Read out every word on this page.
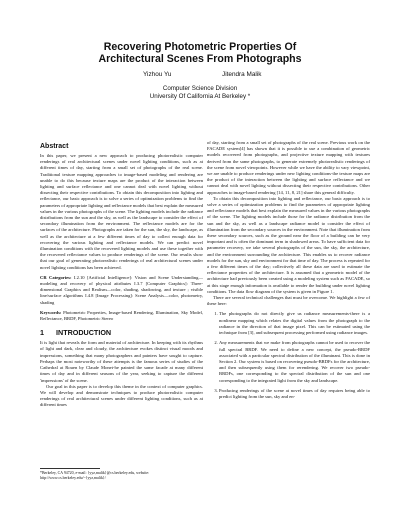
Recovering Photometric Properties Of
Architectural Scenes From Photographs
Yizhou Yu	Jitendra Malik
Computer Science Division
University Of California At Berkeley *
Abstract

In this paper, we present a new approach to producing photorealistic computer renderings of real architectural scenes under novel lighting conditions, such as at different times of day, starting from a small set of photographs of the real scene. Traditional texture mapping approaches to image-based modeling and rendering are unable to do this because texture maps are the product of the interaction between lighting and surface reflectance and one cannot deal with novel lighting without dissecting their respective contributions. To obtain this decomposition into lighting and reflectance, our basic approach is to solve a series of optimization problems to find the parameters of appropriate lighting and reflectance models that best explain the measured values in the various photographs of the scene. The lighting models include the radiance distributions from the sun and the sky, as well as the landscape to consider the effect of secondary illumination from the environment. The reflectance models are for the surfaces of the architecture. Photographs are taken for the sun, the sky, the landscape, as well as the architecture at a few different times of day to collect enough data for recovering the various lighting and reflectance models. We can predict novel illumination conditions with the recovered lighting models and use these together with the recovered reflectance values to produce renderings of the scene. Our results show that our goal of generating photorealistic renderings of real architectural scenes under novel lighting conditions has been achieved.

CR Categories: I.2.10 [Artificial Intelligence]: Vision and Scene Understanding—modeling and recovery of physical attributes I.3.7 [Computer Graphics]: Three-dimensional Graphics and Realism—color, shading, shadowing, and texture ; visible line/surface algorithms I.4.8 [Image Processing]: Scene Analysis—color, photometry, shading

Keywords: Photometric Properties, Image-based Rendering, Illumination, Sky Model, Reflectance, BRDF, Photometric Stereo

1 INTRODUCTION

It is light that reveals the form and material of architecture. In keeping with its rhythms of light and dark, clear and cloudy, the architecture evokes distinct visual moods and impressions, something that many photographers and painters have sought to capture. Perhaps the most noteworthy of these attempts is the famous series of studies of the Cathedral at Rouen by Claude Monet-he painted the same facade at many different times of day and in different seasons of the year, seeking to capture the different 'impressions' of the scene.

Our goal in this paper is to develop this theme in the context of computer graphics. We will develop and demonstrate techniques to produce photorealistic computer renderings of real architectural scenes under different lighting conditions, such as at different times

*Berkeley, CA 94720, e-mail: {yyz,malik}@cs.berkeley.edu, website:
http://www.cs.berkeley.edu/~{yyz,malik}/

of day, starting from a small set of photographs of the real scene. Previous work on the FACADE system[4] has shown that it is possible to use a combination of geometric models recovered from photographs, and projective texture mapping with textures derived from the same photographs, to generate extremely photorealistic renderings of the scene from novel viewpoints. However while we have the ability to vary viewpoint, we are unable to produce renderings under new lighting conditions-the texture maps are the product of the interaction between the lighting and surface reflectance and we cannot deal with novel lighting without dissecting their respective contributions. Other approaches to image-based rendering [14, 11, 8, 21] share this general difficulty.

To obtain this decomposition into lighting and reflectance, our basic approach is to solve a series of optimization problems to find the parameters of appropriate lighting and reflectance models that best explain the measured values in the various photographs of the scene. The lighting models include those for the radiance distribution from the sun and the sky, as well as a landscape radiance model to consider the effect of illumination from the secondary sources in the environment. Note that illumination from these secondary sources, such as the ground near the floor of a building can be very important and is often the dominant term in shadowed areas. To have sufficient data for parameter recovery, we take several photographs of the sun, the sky, the architecture, and the environment surrounding the architecture. This enables us to recover radiance models for the sun, sky and environment for that time of day. The process is repeated for a few different times of the day; collectively all these data are used to estimate the reflectance properties of the architecture. It is assumed that a geometric model of the architecture had previously been created using a modeling system such as FACADE, so at this stage enough information is available to render the building under novel lighting conditions. The data flow diagram of the system is given in Figure 1.

There are several technical challenges that must be overcome. We highlight a few of these here:

1. The photographs do not directly give us radiance measurements-there is a nonlinear mapping which relates the digital values from the photograph to the radiance in the direction of that image pixel. This can be estimated using the technique from [3], and subsequent processing performed using radiance images.
2. Any measurements that we make from photographs cannot be used to recover the full spectral BRDF. We need to define a new concept, the pseudo-BRDF associated with a particular spectral distribution of the illuminant. This is done in Section 2. Our system is based on recovering pseudo-BRDFs for the architecture, and then subsequently using them for rerendering. We recover two pseudo-BRDFs, one corresponding to the spectral distribution of the sun and one corresponding to the integrated light from the sky and landscape.
3. Producing renderings of the scene at novel times of day requires being able to predict lighting from the sun, sky and en-
